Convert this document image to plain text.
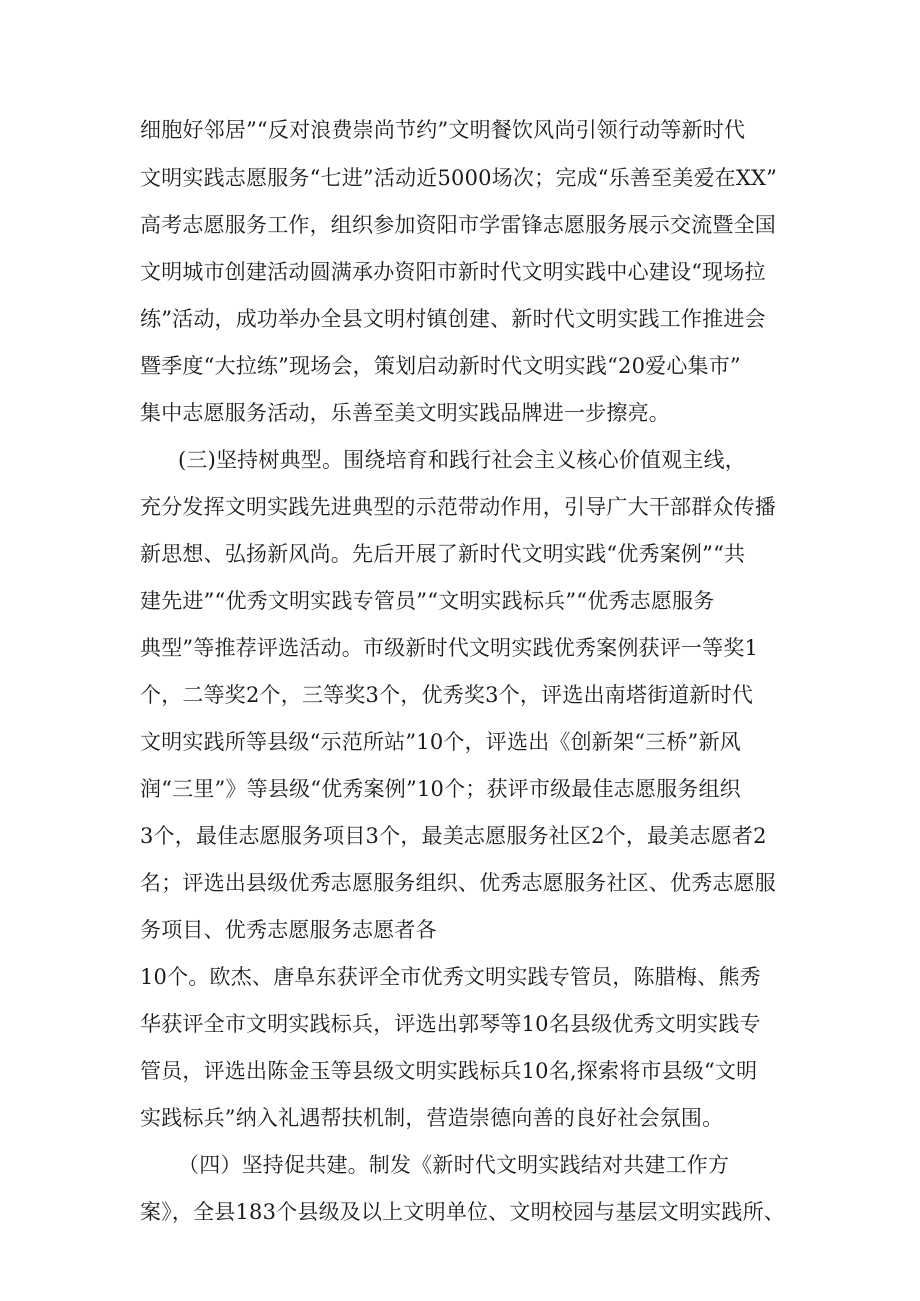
细胞好邻居”“反对浪费崇尚节约”文明餐饮风尚引领行动等新时代
文明实践志愿服务“七进”活动近5000场次；完成“乐善至美爱在XX”
高考志愿服务工作，组织参加资阳市学雷锋志愿服务展示交流暨全国
文明城市创建活动圆满承办资阳市新时代文明实践中心建设“现场拉
练”活动，成功举办全县文明村镇创建、新时代文明实践工作推进会
暨季度“大拉练”现场会，策划启动新时代文明实践“20爱心集市”
集中志愿服务活动，乐善至美文明实践品牌进一步擦亮。
(三)坚持树典型。围绕培育和践行社会主义核心价值观主线，
充分发挥文明实践先进典型的示范带动作用，引导广大干部群众传播
新思想、弘扬新风尚。先后开展了新时代文明实践“优秀案例”“共
建先进”“优秀文明实践专管员”“文明实践标兵”“优秀志愿服务
典型”等推荐评选活动。市级新时代文明实践优秀案例获评一等奖1
个，二等奖2个，三等奖3个，优秀奖3个，评选出南塔街道新时代
文明实践所等县级“示范所站”10个，评选出《创新架“三桥”新风
润“三里”》等县级“优秀案例”10个；获评市级最佳志愿服务组织
3个，最佳志愿服务项目3个，最美志愿服务社区2个，最美志愿者2
名；评选出县级优秀志愿服务组织、优秀志愿服务社区、优秀志愿服
务项目、优秀志愿服务志愿者各
10个。欧杰、唐阜东获评全市优秀文明实践专管员，陈腊梅、熊秀
华获评全市文明实践标兵，评选出郭琴等10名县级优秀文明实践专
管员，评选出陈金玉等县级文明实践标兵10名,探索将市县级“文明
实践标兵”纳入礼遇帮扶机制，营造崇德向善的良好社会氛围。
（四）坚持促共建。制发《新时代文明实践结对共建工作方
案》，全县183个县级及以上文明单位、文明校园与基层文明实践所、
